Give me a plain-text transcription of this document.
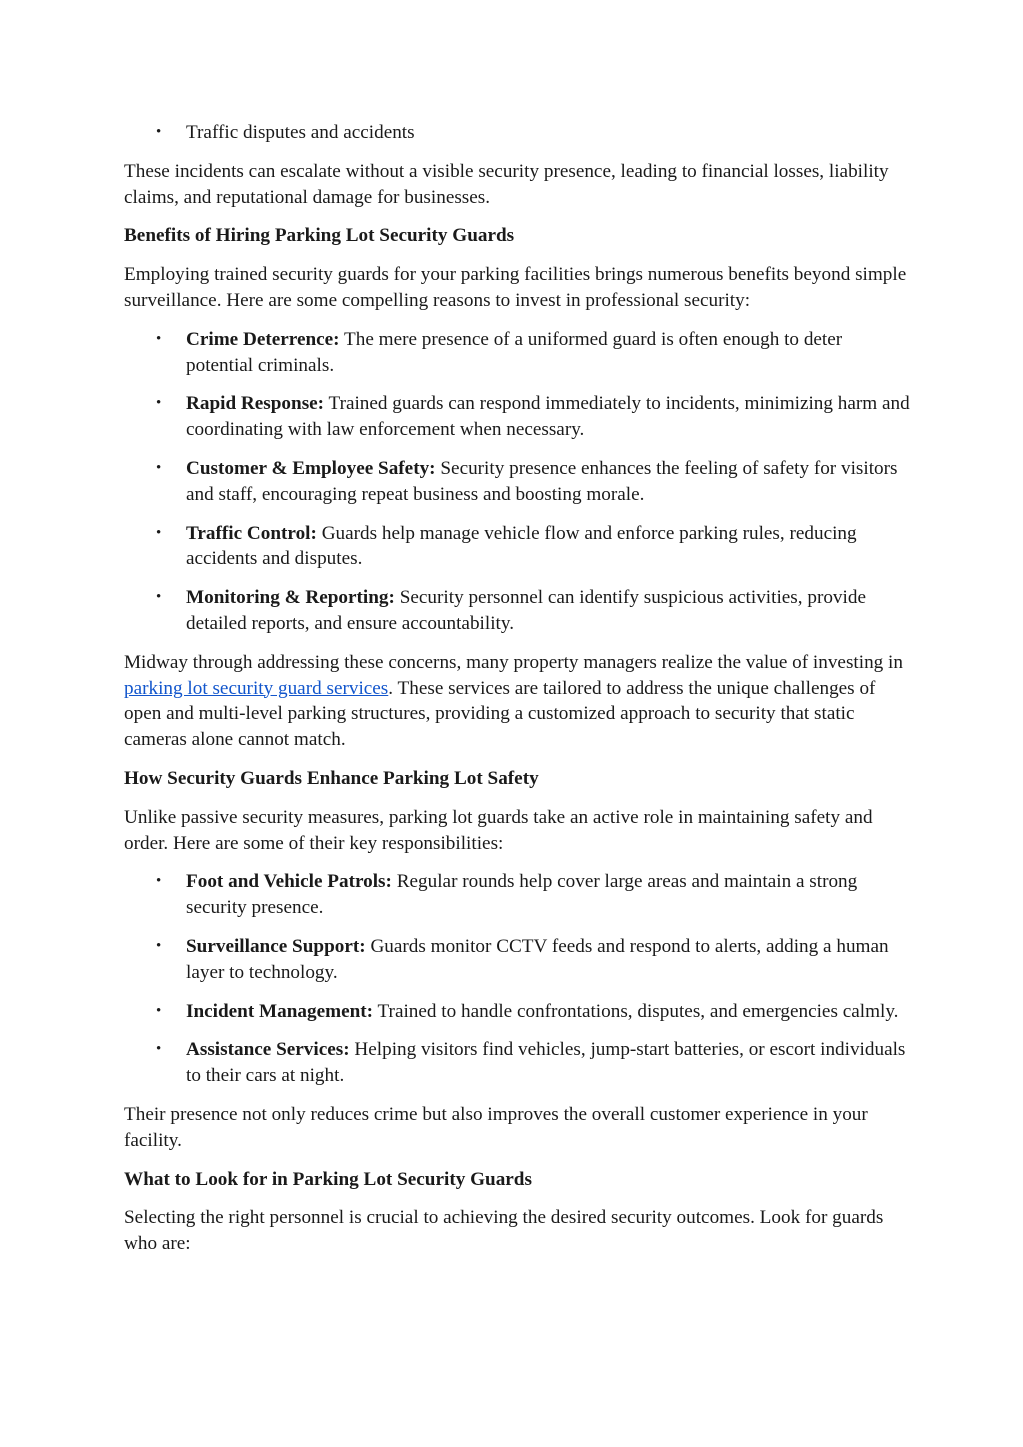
• Traffic disputes and accidents

These incidents can escalate without a visible security presence, leading to financial losses, liability claims, and reputational damage for businesses.

Benefits of Hiring Parking Lot Security Guards

Employing trained security guards for your parking facilities brings numerous benefits beyond simple surveillance. Here are some compelling reasons to invest in professional security:

• Crime Deterrence: The mere presence of a uniformed guard is often enough to deter potential criminals.
• Rapid Response: Trained guards can respond immediately to incidents, minimizing harm and coordinating with law enforcement when necessary.
• Customer & Employee Safety: Security presence enhances the feeling of safety for visitors and staff, encouraging repeat business and boosting morale.
• Traffic Control: Guards help manage vehicle flow and enforce parking rules, reducing accidents and disputes.
• Monitoring & Reporting: Security personnel can identify suspicious activities, provide detailed reports, and ensure accountability.

Midway through addressing these concerns, many property managers realize the value of investing in parking lot security guard services. These services are tailored to address the unique challenges of open and multi-level parking structures, providing a customized approach to security that static cameras alone cannot match.

How Security Guards Enhance Parking Lot Safety

Unlike passive security measures, parking lot guards take an active role in maintaining safety and order. Here are some of their key responsibilities:

• Foot and Vehicle Patrols: Regular rounds help cover large areas and maintain a strong security presence.
• Surveillance Support: Guards monitor CCTV feeds and respond to alerts, adding a human layer to technology.
• Incident Management: Trained to handle confrontations, disputes, and emergencies calmly.
• Assistance Services: Helping visitors find vehicles, jump-start batteries, or escort individuals to their cars at night.

Their presence not only reduces crime but also improves the overall customer experience in your facility.

What to Look for in Parking Lot Security Guards

Selecting the right personnel is crucial to achieving the desired security outcomes. Look for guards who are:
